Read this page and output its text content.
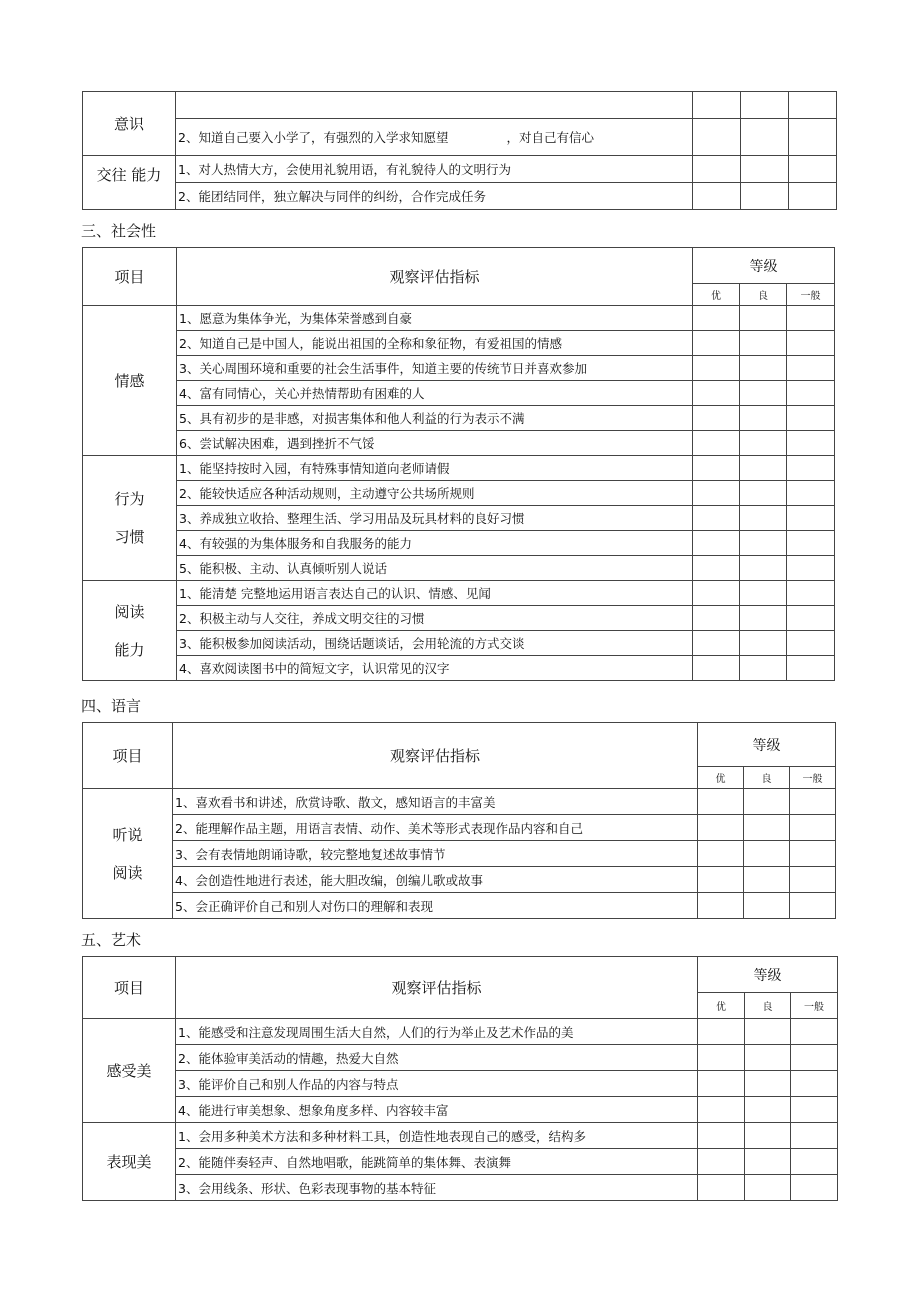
意识				
	2、知道自己要入小学了，有强烈的入学求知愿望 ，对自己有信心			
交往 能力	1、对人热情大方，会使用礼貌用语，有礼貌待人的文明行为			
	2、能团结同伴，独立解决与同伴的纠纷，合作完成任务			
三、社会性
项目	观察评估指标	等级		
		优	良	一般
情感	1、愿意为集体争光，为集体荣誉感到自豪			
	2、知道自己是中国人，能说出祖国的全称和象征物，有爱祖国的情感			
	3、关心周围环境和重要的社会生活事件，知道主要的传统节日并喜欢参加			
	4、富有同情心，关心并热情帮助有困难的人			
	5、具有初步的是非感，对损害集体和他人利益的行为表示不满			
	6、尝试解决困难，遇到挫折不气馁			
行为
习惯	1、能坚持按时入园，有特殊事情知道向老师请假			
	2、能较快适应各种活动规则，主动遵守公共场所规则			
	3、养成独立收拾、整理生活、学习用品及玩具材料的良好习惯			
	4、有较强的为集体服务和自我服务的能力			
	5、能积极、主动、认真倾听别人说话			
阅读
能力	1、能清楚 完整地运用语言表达自己的认识、情感、见闻			
	2、积极主动与人交往，养成文明交往的习惯			
	3、能积极参加阅读活动，围绕话题谈话，会用轮流的方式交谈			
	4、喜欢阅读图书中的简短文字，认识常见的汉字			
四、语言
项目	观察评估指标	等级		
		优	良	一般
听说
阅读	1、喜欢看书和讲述，欣赏诗歌、散文，感知语言的丰富美			
	2、能理解作品主题，用语言表情、动作、美术等形式表现作品内容和自己			
	3、会有表情地朗诵诗歌，较完整地复述故事情节			
	4、会创造性地进行表述，能大胆改编，创编儿歌或故事			
	5、会正确评价自己和别人对伤口的理解和表现			
五、艺术
项目	观察评估指标	等级		
		优	良	一般
感受美	1、能感受和注意发现周围生活大自然，人们的行为举止及艺术作品的美			
	2、能体验审美活动的情趣，热爱大自然			
	3、能评价自己和别人作品的内容与特点			
	4、能进行审美想象、想象角度多样、内容较丰富			
表现美	1、会用多种美术方法和多种材料工具，创造性地表现自己的感受，结构多			
	2、能随伴奏轻声、自然地唱歌，能跳简单的集体舞、表演舞			
	3、会用线条、形状、色彩表现事物的基本特征			
